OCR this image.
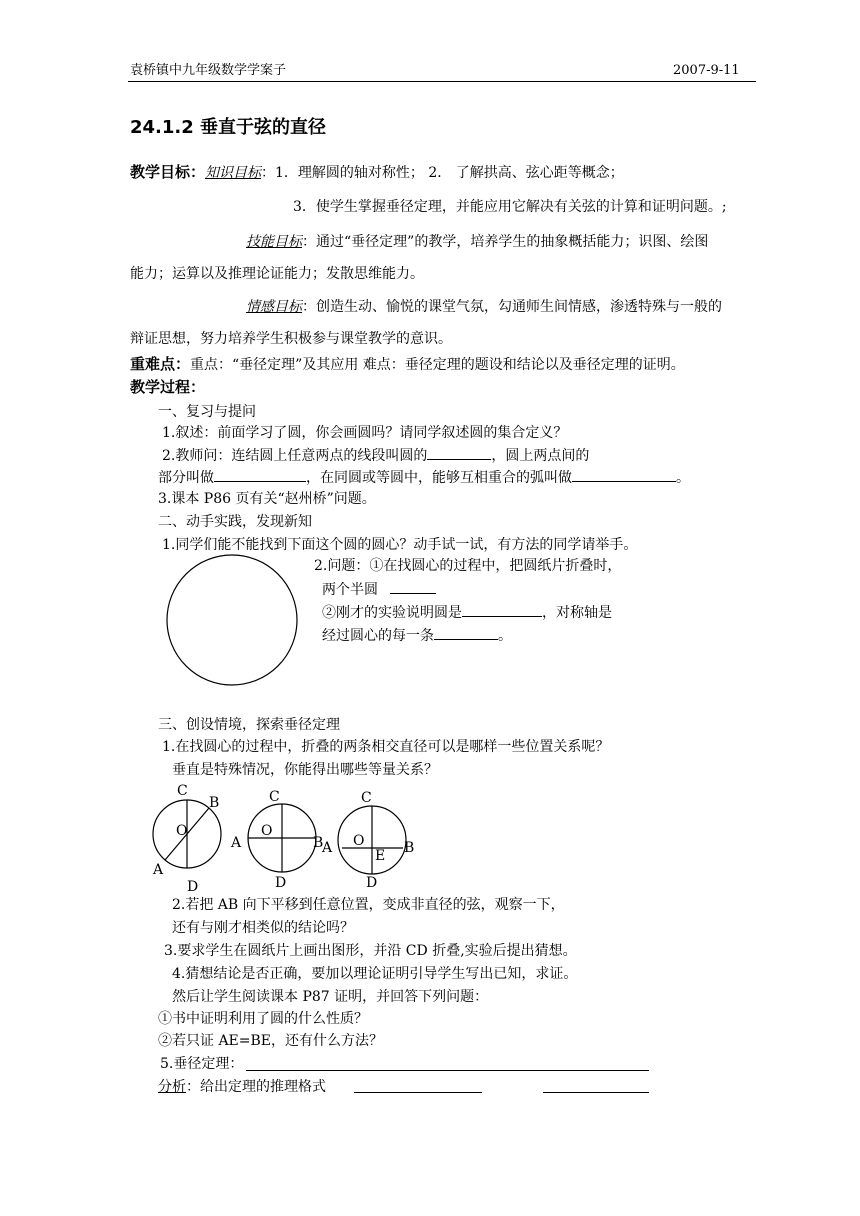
袁桥镇中九年级数学学案子	2007-9-11
24.1.2 垂直于弦的直径
教学目标：知识目标：1．理解圆的轴对称性； 2． 了解拱高、弦心距等概念；
3．使学生掌握垂径定理，并能应用它解决有关弦的计算和证明问题。;
技能目标：通过“垂径定理”的教学，培养学生的抽象概括能力；识图、绘图
能力；运算以及推理论证能力；发散思维能力。
情感目标：创造生动、愉悦的课堂气氛，勾通师生间情感，渗透特殊与一般的
辩证思想，努力培养学生积极参与课堂教学的意识。
重难点：重点：“垂径定理”及其应用 难点：垂径定理的题设和结论以及垂径定理的证明。
教学过程：
一、复习与提问
1.叙述：前面学习了圆，你会画圆吗？请同学叙述圆的集合定义？
2.教师问：连结圆上任意两点的线段叫圆的	，圆上两点间的
部分叫做	，在同圆或等圆中，能够互相重合的弧叫做	。
3.课本 P86 页有关“赵州桥”问题。
二、动手实践，发现新知
1.同学们能不能找到下面这个圆的圆心？动手试一试，有方法的同学请举手。
2.问题：①在找圆心的过程中，把圆纸片折叠时，
两个半圆
②刚才的实验说明圆是	，对称轴是
经过圆心的每一条	。
三、创设情境，探索垂径定理
1.在找圆心的过程中，折叠的两条相交直径可以是哪样一些位置关系呢？
垂直是特殊情况，你能得出哪些等量关系？
C
B
O
A
D
C
O
A	B
D
C
O
A	E B
D
2.若把 AB 向下平移到任意位置，变成非直径的弦，观察一下，
还有与刚才相类似的结论吗？
3.要求学生在圆纸片上画出图形，并沿 CD 折叠,实验后提出猜想。
4.猜想结论是否正确，要加以理论证明引导学生写出已知，求证。
然后让学生阅读课本 P87 证明，并回答下列问题：
①书中证明利用了圆的什么性质？
②若只证 AE=BE，还有什么方法？
5.垂径定理：
分析：给出定理的推理格式
